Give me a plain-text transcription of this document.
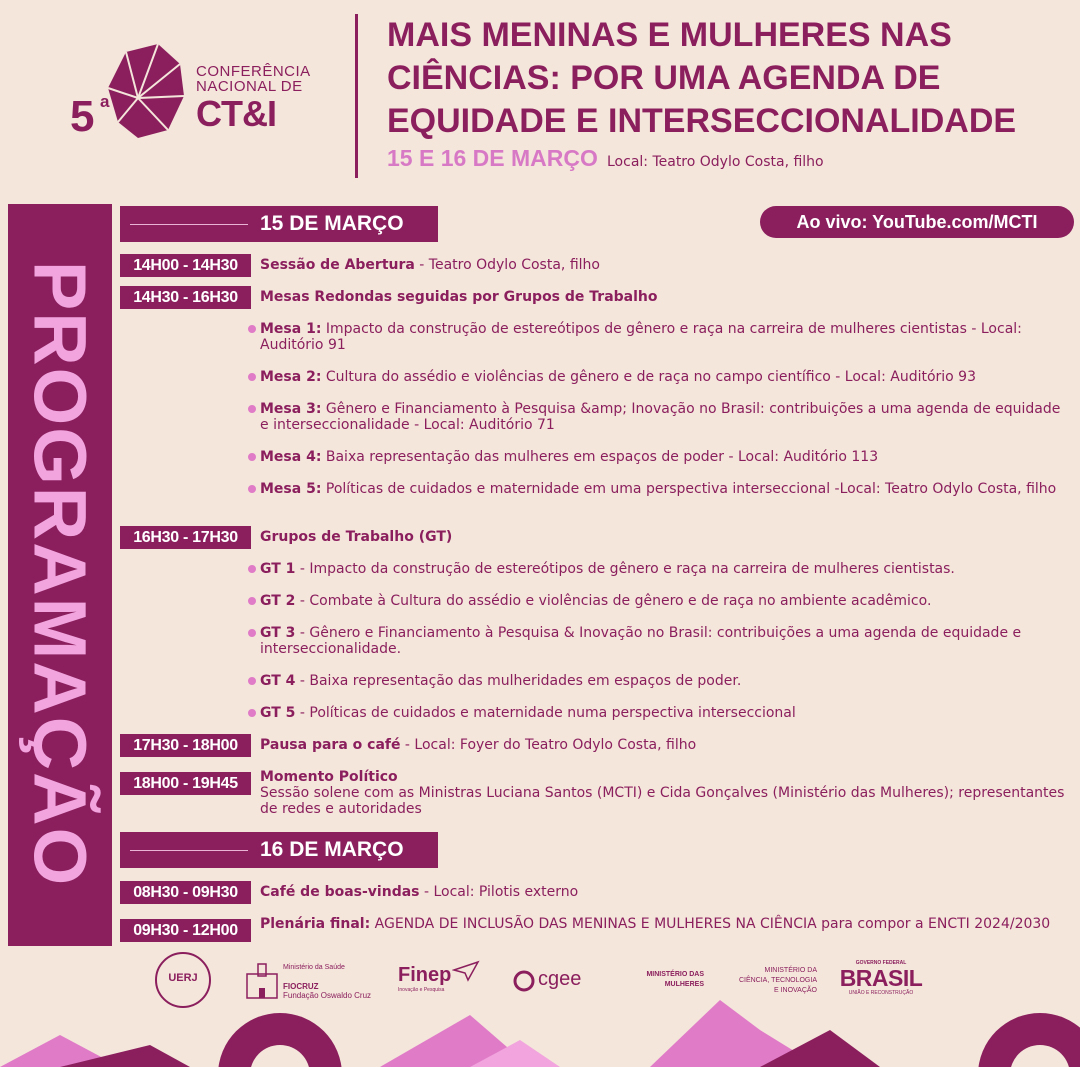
5 a
CONFERÊNCIA
NACIONAL DE
CT&I
MAIS MENINAS E MULHERES NAS
CIÊNCIAS: POR UMA AGENDA DE
EQUIDADE E INTERSECCIONALIDADE
15 E 16 DE MARÇO Local: Teatro Odylo Costa, filho
PROGRAMAÇÃO
15 DE MARÇO	Ao vivo: YouTube.com/MCTI
14H00 - 14H30	Sessão de Abertura - Teatro Odylo Costa, filho
14H30 - 16H30	Mesas Redondas seguidas por Grupos de Trabalho
Mesa 1: Impacto da construção de estereótipos de gênero e raça na carreira de mulheres cientistas - Local: Auditório 91
Mesa 2: Cultura do assédio e violências de gênero e de raça no campo científico - Local: Auditório 93
Mesa 3: Gênero e Financiamento à Pesquisa &amp; Inovação no Brasil: contribuições a uma agenda de equidade e interseccionalidade - Local: Auditório 71
Mesa 4: Baixa representação das mulheres em espaços de poder - Local: Auditório 113
Mesa 5: Políticas de cuidados e maternidade em uma perspectiva interseccional -Local: Teatro Odylo Costa, filho
16H30 - 17H30	Grupos de Trabalho (GT)
GT 1 - Impacto da construção de estereótipos de gênero e raça na carreira de mulheres cientistas.
GT 2 - Combate à Cultura do assédio e violências de gênero e de raça no ambiente acadêmico.
GT 3 - Gênero e Financiamento à Pesquisa & Inovação no Brasil: contribuições a uma agenda de equidade e interseccionalidade.
GT 4 - Baixa representação das mulheridades em espaços de poder.
GT 5 - Políticas de cuidados e maternidade numa perspectiva interseccional
17H30 - 18H00	Pausa para o café - Local: Foyer do Teatro Odylo Costa, filho
18H00 - 19H45	Momento Político
Sessão solene com as Ministras Luciana Santos (MCTI) e Cida Gonçalves (Ministério das Mulheres); representantes de redes e autoridades
16 DE MARÇO
08H30 - 09H30	Café de boas-vindas - Local: Pilotis externo
09H30 - 12H00	Plenária final: AGENDA DE INCLUSÃO DAS MENINAS E MULHERES NA CIÊNCIA para compor a ENCTI 2024/2030
UERJ
Ministério da Saúde
FIOCRUZ
Fundação Oswaldo Cruz
Finep
Inovação e Pesquisa	cgee	MINISTÉRIO DAS
MULHERES
MINISTÉRIO DA
CIÊNCIA, TECNOLOGIA
E INOVAÇÃO
GOVERNO FEDERAL
BRASIL
UNIÃO E RECONSTRUÇÃO
